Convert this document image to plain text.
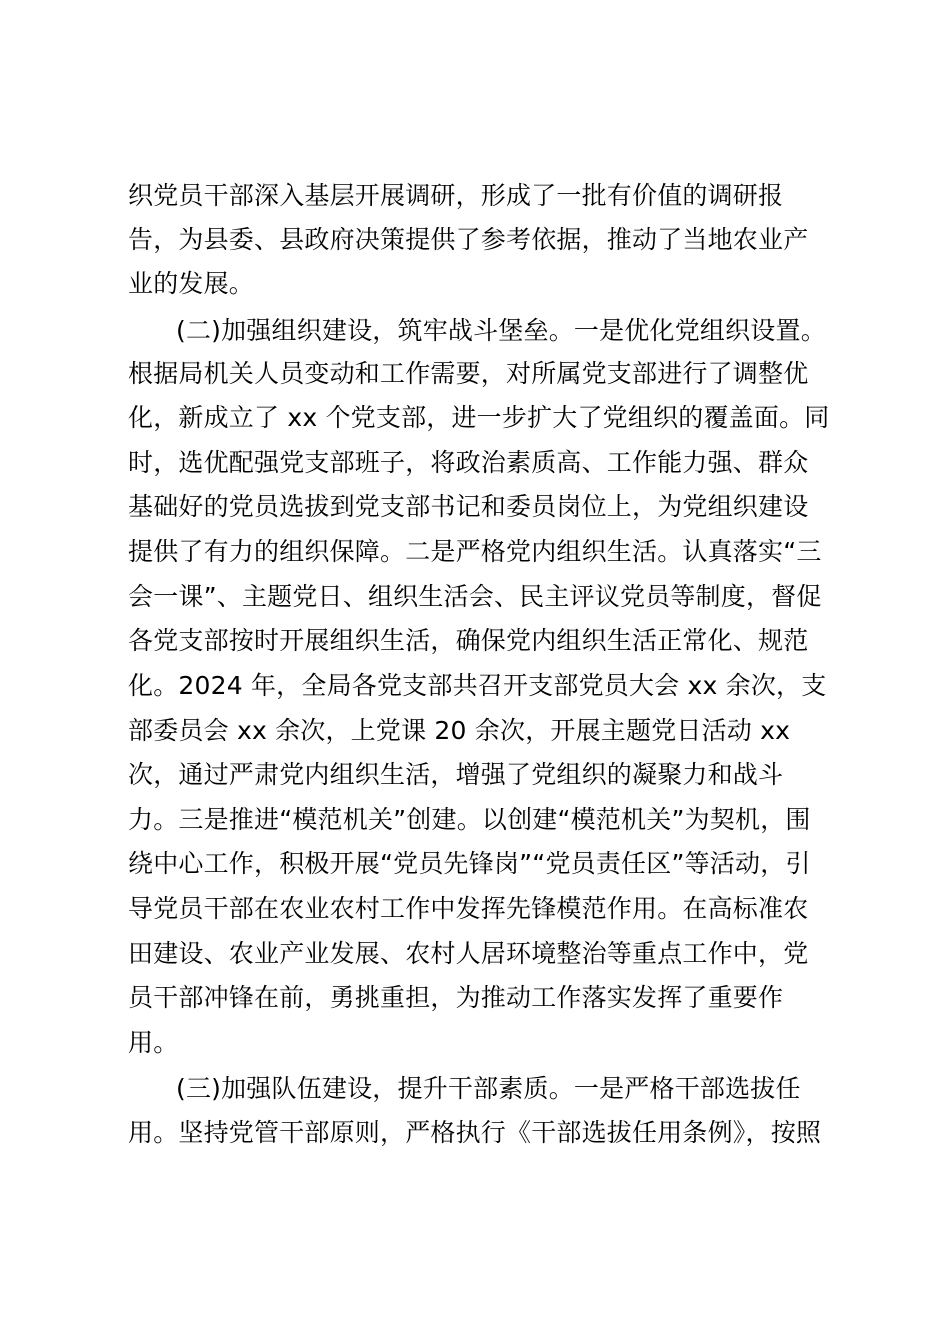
织党员干部深入基层开展调研，形成了一批有价值的调研报
告，为县委、县政府决策提供了参考依据，推动了当地农业产
业的发展。
(二)加强组织建设，筑牢战斗堡垒。一是优化党组织设置。
根据局机关人员变动和工作需要，对所属党支部进行了调整优
化，新成立了 xx 个党支部，进一步扩大了党组织的覆盖面。同
时，选优配强党支部班子，将政治素质高、工作能力强、群众
基础好的党员选拔到党支部书记和委员岗位上，为党组织建设
提供了有力的组织保障。二是严格党内组织生活。认真落实“三
会一课”、主题党日、组织生活会、民主评议党员等制度，督促
各党支部按时开展组织生活，确保党内组织生活正常化、规范
化。2024 年，全局各党支部共召开支部党员大会 xx 余次，支
部委员会 xx 余次，上党课 20 余次，开展主题党日活动 xx
次，通过严肃党内组织生活，增强了党组织的凝聚力和战斗
力。三是推进“模范机关”创建。以创建“模范机关”为契机，围
绕中心工作，积极开展“党员先锋岗”“党员责任区”等活动，引
导党员干部在农业农村工作中发挥先锋模范作用。在高标准农
田建设、农业产业发展、农村人居环境整治等重点工作中，党
员干部冲锋在前，勇挑重担，为推动工作落实发挥了重要作
用。
(三)加强队伍建设，提升干部素质。一是严格干部选拔任
用。坚持党管干部原则，严格执行《干部选拔任用条例》，按照
